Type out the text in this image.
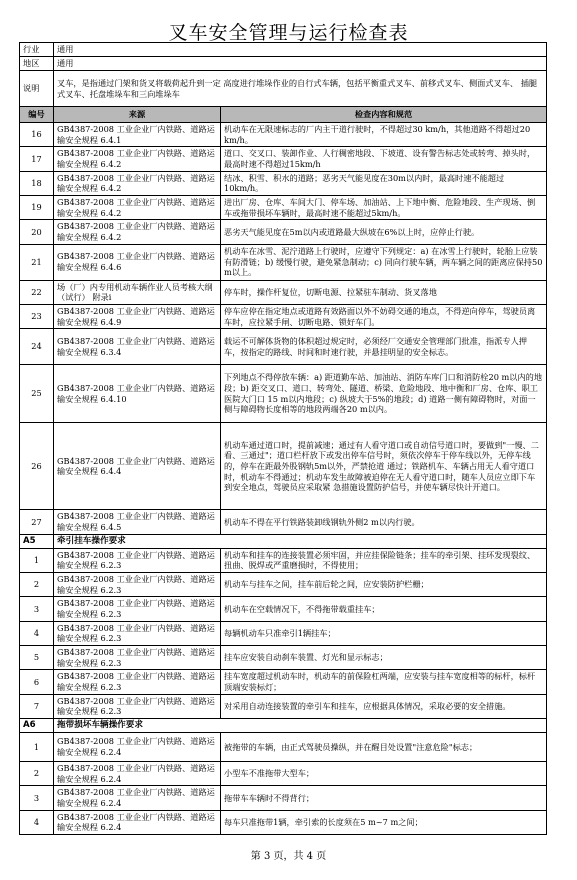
叉车安全管理与运行检查表
行业	通用	
地区	通用	
说明	叉车，是指通过门架和货叉将载荷起升到一定 高度进行堆垛作业的自行式车辆，包括平衡重式叉车、前移式叉车、侧面式叉车、 插腿式叉车、托盘堆垛车和三向堆垛车	
编号	来源	检查内容和规范
16	GB4387-2008 工业企业厂内铁路、道路运输安全规程 6.4.1	机动车在无限速标志的厂内主干道行驶时，不得超过30 km/h，其他道路不得超过20 km/h。
17	GB4387-2008 工业企业厂内铁路、道路运输安全规程 6.4.2	道口、交叉口、装卸作业、人行稠密地段、下坡道、设有警告标志处或转弯、掉头时，最高时速不得超过15km/h
18	GB4387-2008 工业企业厂内铁路、道路运输安全规程 6.4.2	结冰、积雪、积水的道路；恶劣天气能见度在30m以内时，最高时速不能超过10km/h。
19	GB4387-2008 工业企业厂内铁路、道路运输安全规程 6.4.2	进出厂房、仓库、车间大门、停车场、加油站、上下地中衡、危险地段、生产现场、倒车或拖带损坏车辆时，最高时速不能超过5km/h。
20	GB4387-2008 工业企业厂内铁路、道路运输安全规程 6.4.2	恶劣天气能见度在5m以内或道路最大纵坡在6%以上时，应停止行驶。
21	GB4387-2008 工业企业厂内铁路、道路运输安全规程 6.4.6	机动车在冰雪、泥泞道路上行驶时，应遵守下列规定：a) 在冰雪上行驶时，轮胎上应装有防滑链；b) 缓慢行驶，避免紧急制动；c) 同向行驶车辆，两车辆之间的距离应保持50 m以上。
22	场（厂）内专用机动车辆作业人员考核大纲（试行） 附录ⅰ	停车时，操作杆复位，切断电源、拉紧驻车制动、货叉落地
23	GB4387-2008 工业企业厂内铁路、道路运输安全规程 6.4.9	停车应停在指定地点或道路有效路面以外不妨碍交通的地点，不得逆向停车，驾驶员离车时，应拉紧手闸、切断电路、锁好车门。
24	GB4387-2008 工业企业厂内铁路、道路运输安全规程 6.3.4	载运不可解体货物的体积超过规定时，必须经厂交通安全管理部门批准，指派专人押车，按指定的路线、时间和时速行驶，并悬挂明显的安全标志。
25	GB4387-2008 工业企业厂内铁路、道路运输安全规程 6.4.10	下列地点不得停放车辆：a) 距道勤车站、加油站、消防车库门口和消防栓20 m以内的地段；b) 距交叉口、道口、转弯处、隧道、桥梁、危险地段、地中衡和厂房、仓库、职工医院大门口 15 m以内地段；c) 纵坡大于5%的地段；d) 道路一侧有障碍物时，对面一侧与障碍物长度相等的地段两端各20 m以内。
26	GB4387-2008 工业企业厂内铁路、道路运输安全规程 6.4.4	机动车通过道口时，提前减速；通过有人看守道口或自动信号道口时，要做到"一慢、二看、三通过"；道口栏杆放下或发出停车信号时，须依次停车于停车线以外，无停车线的，停车在距最外股钢轨5m以外，严禁抢道 通过；铁路机车、车辆占用无人看守道口时，机动车不得通过；机动车发生故障被迫停在无人看守道口时，随车人员应立即下车到安全地点，驾驶员应采取紧 急措施设置防护信号，并使车辆尽快计开道口。
27	GB4387-2008 工业企业厂内铁路、道路运输安全规程 6.4.5	机动车不得在平行铁路装卸线钢轨外侧2 m以内行驶。
A5	牵引挂车操作要求	
1	GB4387-2008 工业企业厂内铁路、道路运输安全规程 6.2.3	机动车和挂车的连接装置必须牢固，并应挂保险链条；挂车的牵引架、挂环发现裂纹、扭曲、脱焊或严重磨损时，不得使用；
2	GB4387-2008 工业企业厂内铁路、道路运输安全规程 6.2.3	机动车与挂车之间，挂车前后轮之间，应安装防护栏栅；
3	GB4387-2008 工业企业厂内铁路、道路运输安全规程 6.2.3	机动车在空载情况下，不得拖带载重挂车；
4	GB4387-2008 工业企业厂内铁路、道路运输安全规程 6.2.3	每辆机动车只准牵引1辆挂车；
5	GB4387-2008 工业企业厂内铁路、道路运输安全规程 6.2.3	挂车应安装自动刹车装置、灯光和显示标志；
6	GB4387-2008 工业企业厂内铁路、道路运输安全规程 6.2.3	挂车宽度超过机动车时，机动车的前保险杠两端，应安装与挂车宽度相等的标杆，标杆顶端安装标灯；
7	GB4387-2008 工业企业厂内铁路、道路运输安全规程 6.2.3	对采用自动连接装置的牵引车和挂车，应根据具体情况，采取必要的安全措施。
A6	拖带损坏车辆操作要求	
1	GB4387-2008 工业企业厂内铁路、道路运输安全规程 6.2.4	被拖带的车辆，由正式驾驶员操纵，并在醒目处设置"注意危险"标志；
2	GB4387-2008 工业企业厂内铁路、道路运输安全规程 6.2.4	小型车不准拖带大型车；
3	GB4387-2008 工业企业厂内铁路、道路运输安全规程 6.2.4	拖带车车辆时不得背行；
4	GB4387-2008 工业企业厂内铁路、道路运输安全规程 6.2.4	每车只准拖带1辆，牵引索的长度须在5 m~7 m之间；
第 3 页，共 4 页
